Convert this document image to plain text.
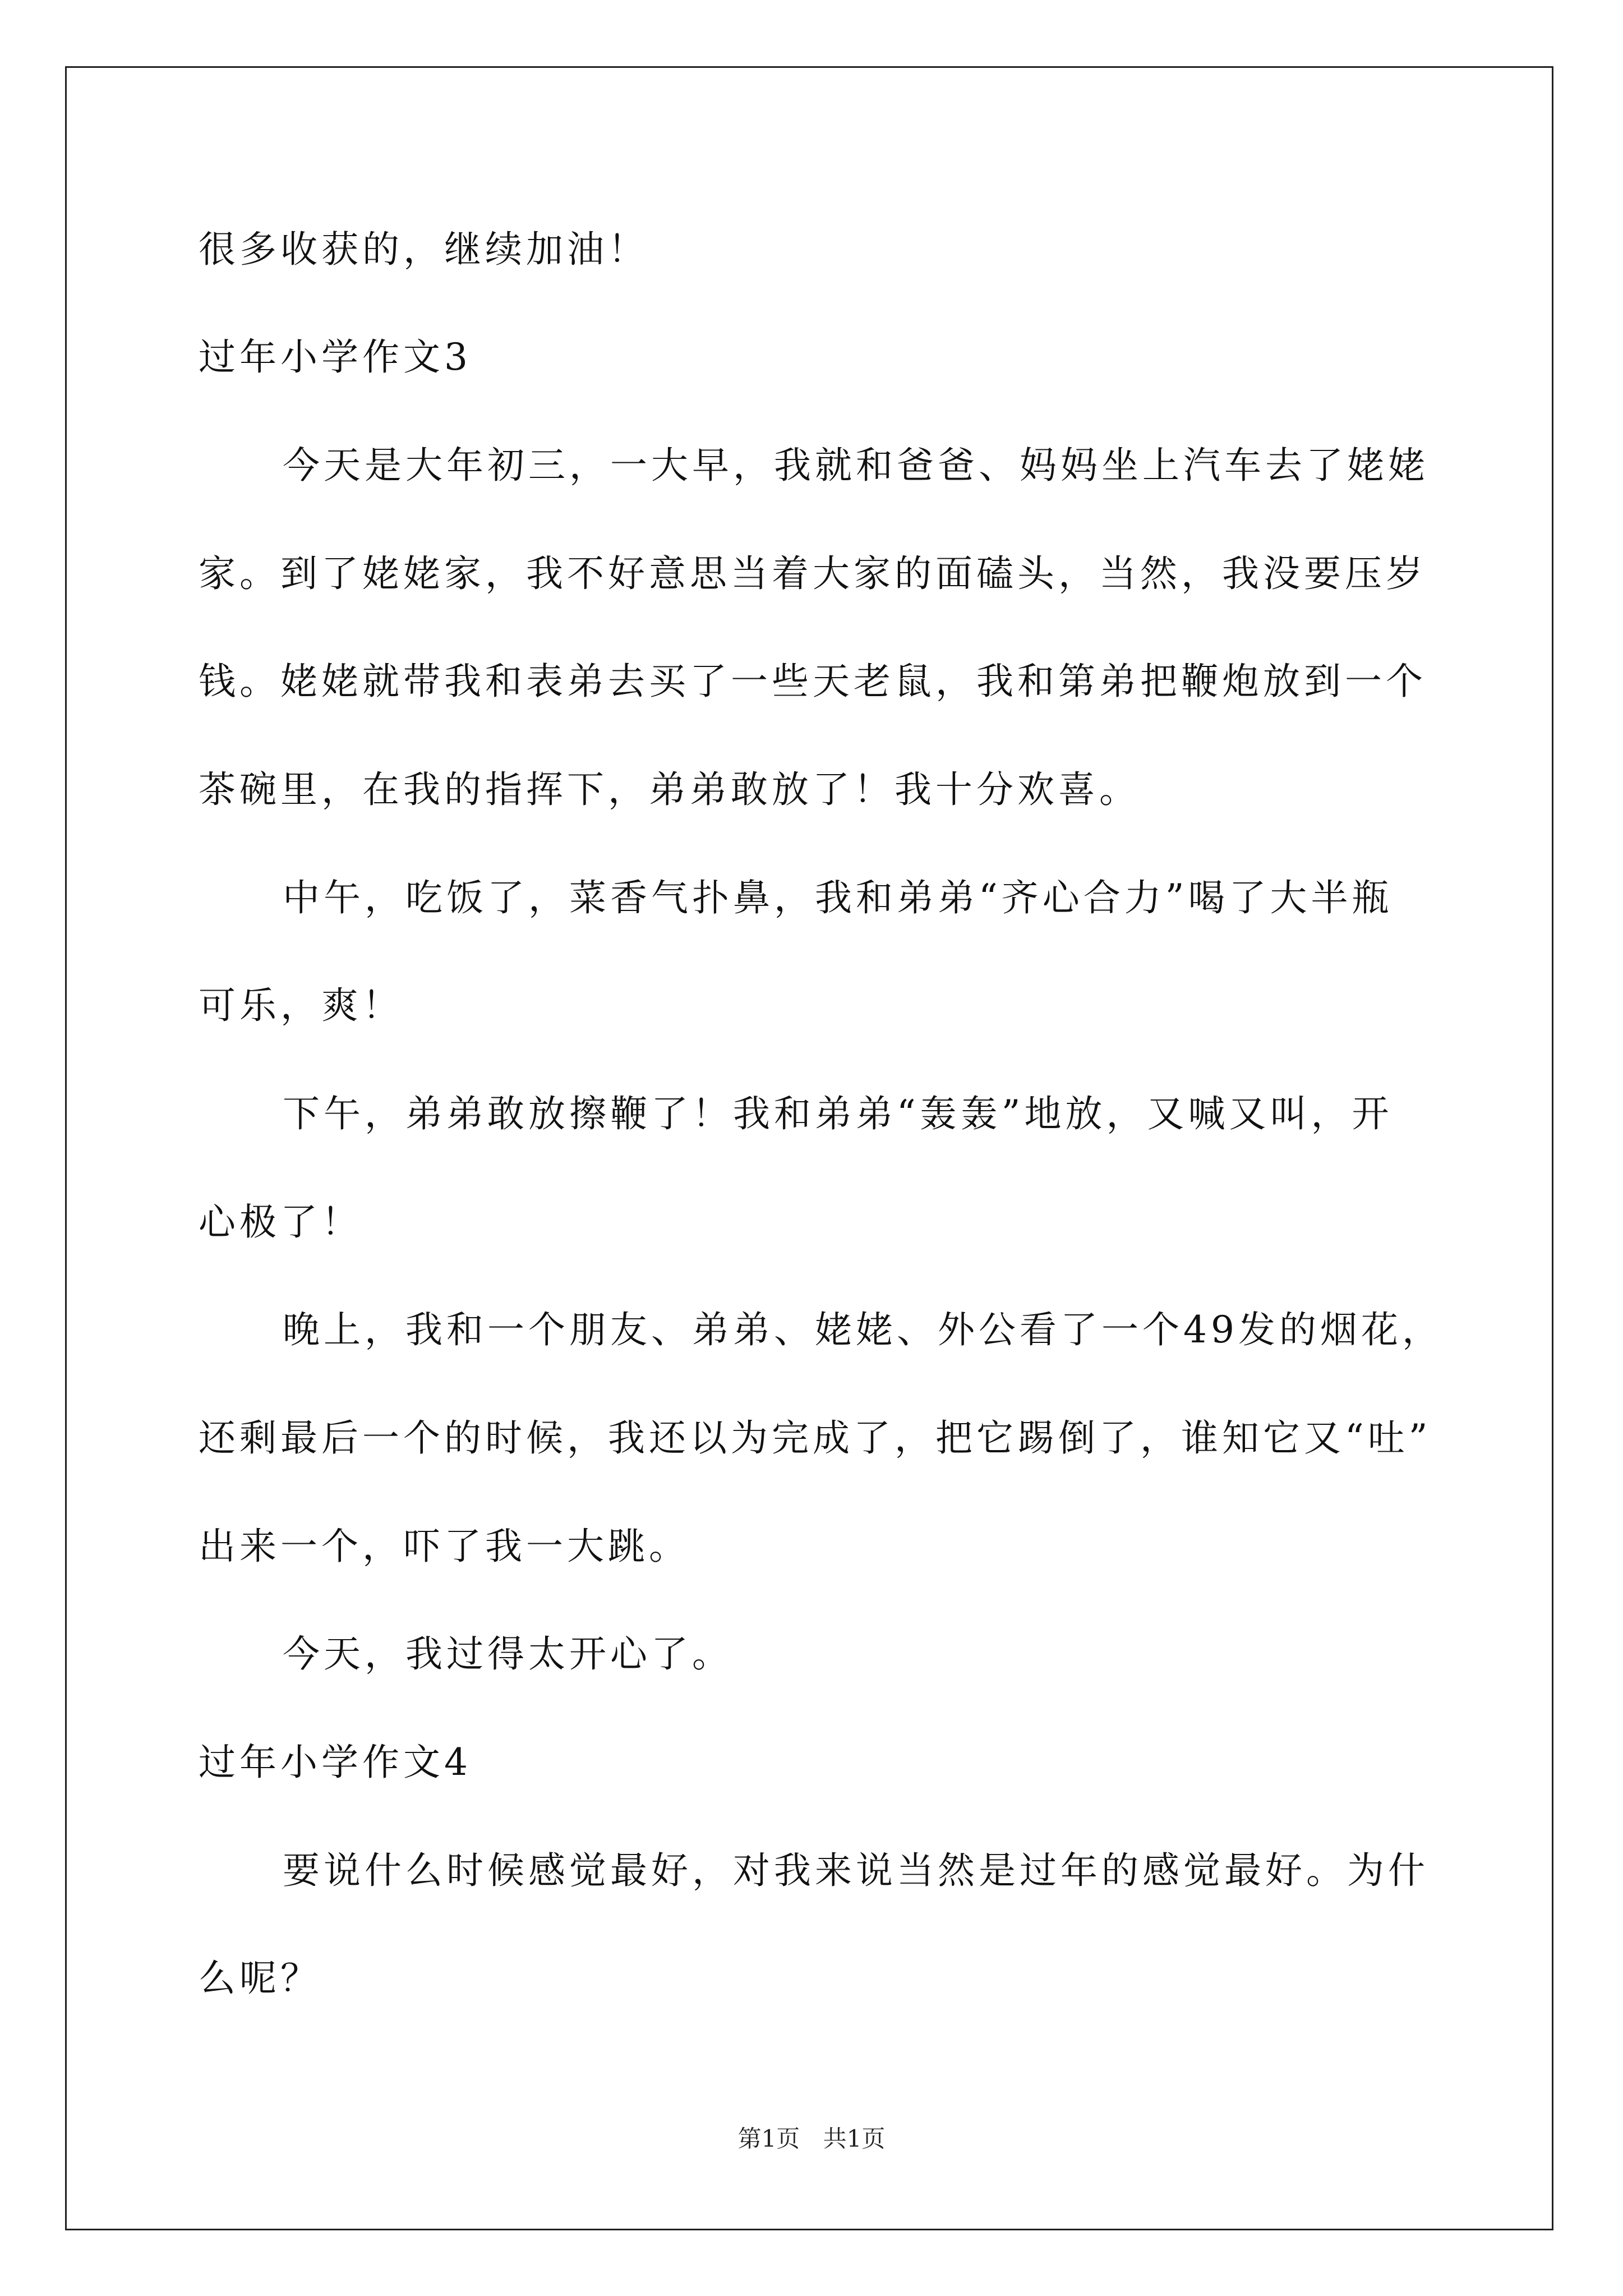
很多收获的，继续加油！
过年小学作文3
今天是大年初三，一大早，我就和爸爸、妈妈坐上汽车去了姥姥
家。到了姥姥家，我不好意思当着大家的面磕头，当然，我没要压岁
钱。姥姥就带我和表弟去买了一些天老鼠，我和第弟把鞭炮放到一个
茶碗里，在我的指挥下，弟弟敢放了！我十分欢喜。
中午，吃饭了，菜香气扑鼻，我和弟弟“齐心合力”喝了大半瓶
可乐，爽！
下午，弟弟敢放擦鞭了！我和弟弟“轰轰”地放，又喊又叫，开
心极了！
晚上，我和一个朋友、弟弟、姥姥、外公看了一个49发的烟花，
还剩最后一个的时候，我还以为完成了，把它踢倒了，谁知它又“吐”
出来一个，吓了我一大跳。
今天，我过得太开心了。
过年小学作文4
要说什么时候感觉最好，对我来说当然是过年的感觉最好。为什
么呢？
第1页 共1页
